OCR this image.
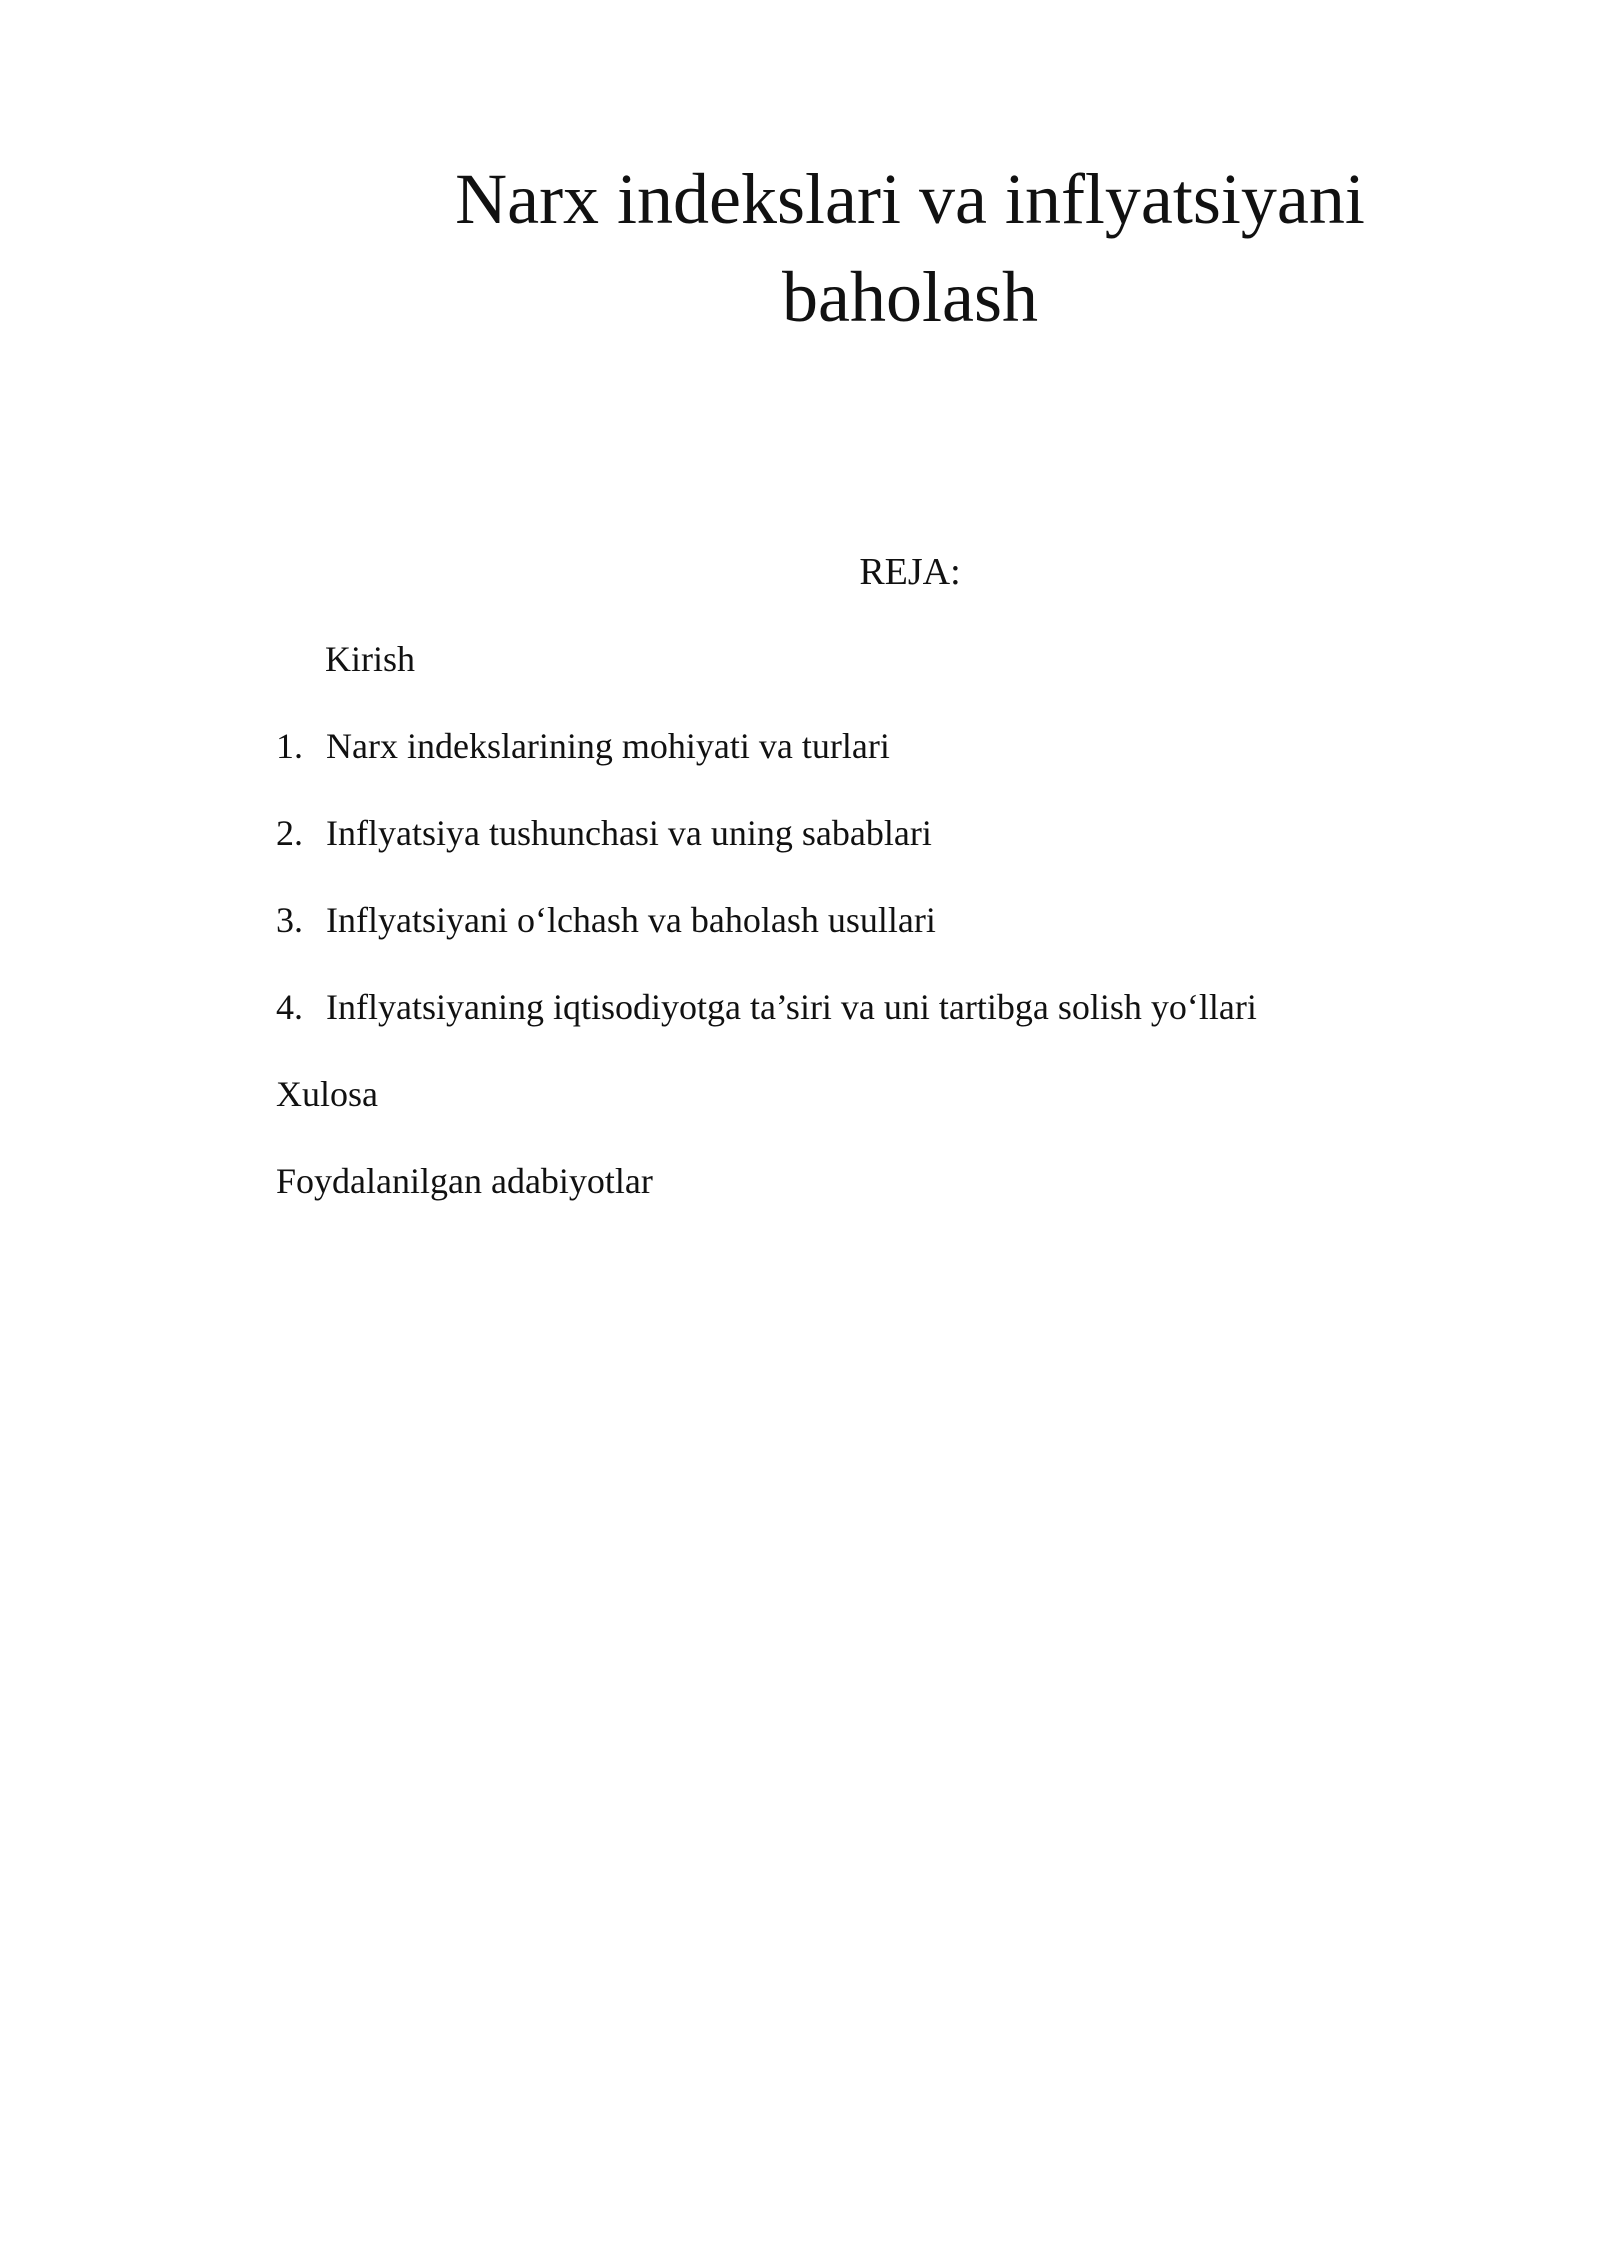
Narx indekslari va inflyatsiyani baholash
REJA:
Kirish
1. Narx indekslarining mohiyati va turlari
2. Inflyatsiya tushunchasi va uning sabablari
3. Inflyatsiyani o‘lchash va baholash usullari
4. Inflyatsiyaning iqtisodiyotga ta’siri va uni tartibga solish yo‘llari
Xulosa
Foydalanilgan adabiyotlar
